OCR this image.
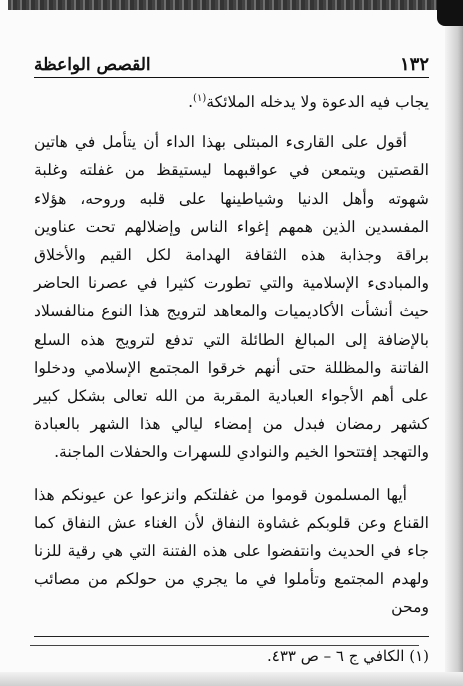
١٣٢
القصص الواعظة

يجاب فيه الدعوة ولا يدخله الملائكة$^{(١)}$.

أقول على القارىء المبتلى بهذا الداء أن يتأمل في هاتين القصتين ويتمعن في عواقبهما ليستيقظ من غفلته وغلبة شهوته وأهل الدنيا وشياطينها على قلبه وروحه، هؤلاء المفسدين الذين همهم إغواء الناس وإضلالهم تحت عناوين براقة وجذابة هذه الثقافة الهدامة لكل القيم والأخلاق والمبادىء الإسلامية والتي تطورت كثيرا في عصرنا الحاضر حيث أنشأت الأكاديميات والمعاهد لترويج هذا النوع منالفسلاد بالإضافة إلى المبالغ الطائلة التي تدفع لترويج هذه السلع الفاتنة والمظللة حتى أنهم خرقوا المجتمع الإسلامي ودخلوا على أهم الأجواء العبادية المقربة من الله تعالى بشكل كبير كشهر رمضان فبدل من إمضاء ليالي هذا الشهر بالعبادة والتهجد إفتتحوا الخيم والنوادي للسهرات والحفلات الماجنة.

أيها المسلمون قوموا من غفلتكم وانزعوا عن عيونكم هذا القناع وعن قلوبكم غشاوة النفاق لأن الغناء عش النفاق كما جاء في الحديث وانتفضوا على هذه الفتنة التي هي رقية للزنا ولهدم المجتمع وتأملوا في ما يجري من حولكم من مصائب ومحن

(١) الكافي ج ٦ – ص ٤٣٣.
